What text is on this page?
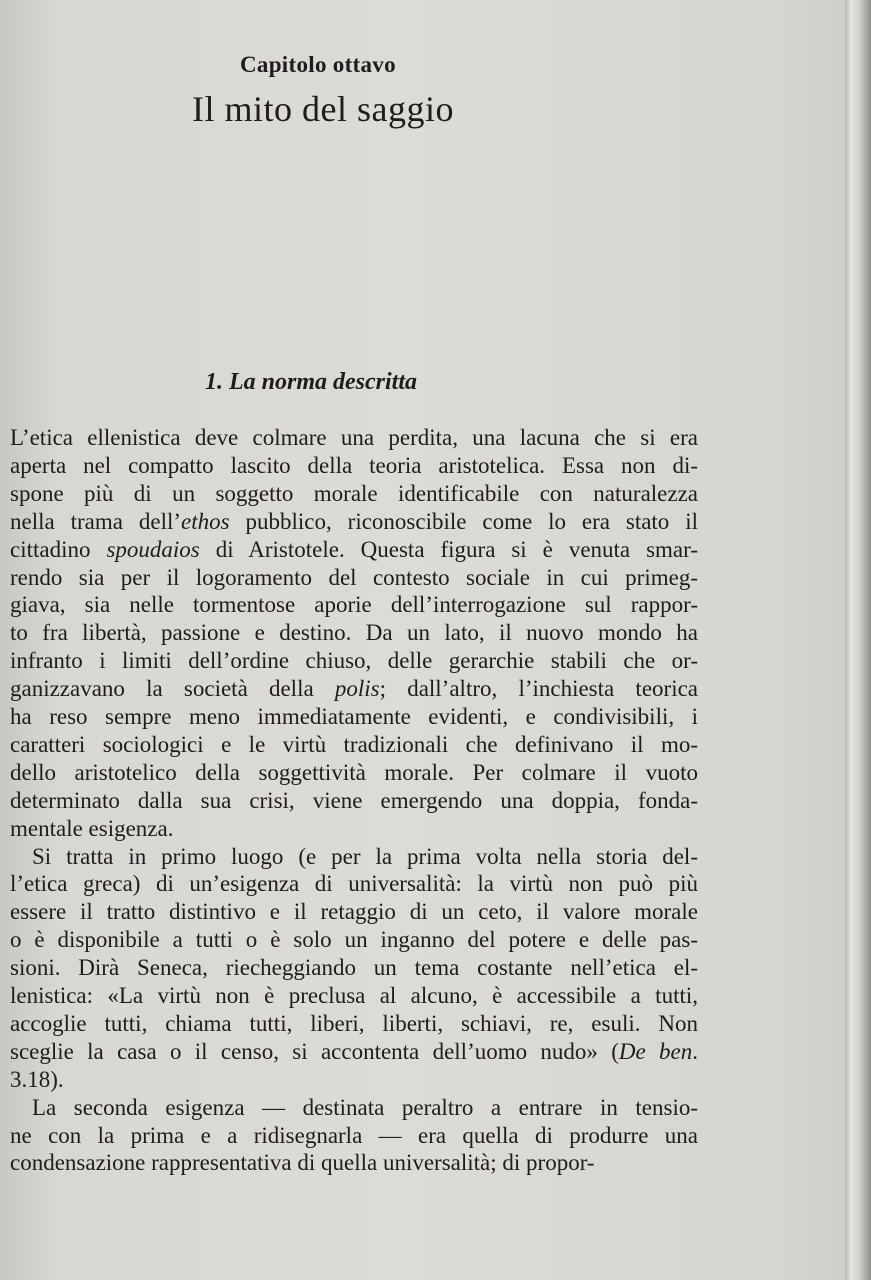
Capitolo ottavo
Il mito del saggio
1. La norma descritta
L’etica ellenistica deve colmare una perdita, una lacuna che si era
aperta nel compatto lascito della teoria aristotelica. Essa non di-
spone più di un soggetto morale identificabile con naturalezza
nella trama dell’ethos pubblico, riconoscibile come lo era stato il
cittadino spoudaios di Aristotele. Questa figura si è venuta smar-
rendo sia per il logoramento del contesto sociale in cui primeg-
giava, sia nelle tormentose aporie dell’interrogazione sul rappor-
to fra libertà, passione e destino. Da un lato, il nuovo mondo ha
infranto i limiti dell’ordine chiuso, delle gerarchie stabili che or-
ganizzavano la società della polis; dall’altro, l’inchiesta teorica
ha reso sempre meno immediatamente evidenti, e condivisibili, i
caratteri sociologici e le virtù tradizionali che definivano il mo-
dello aristotelico della soggettività morale. Per colmare il vuoto
determinato dalla sua crisi, viene emergendo una doppia, fonda-
mentale esigenza.
Si tratta in primo luogo (e per la prima volta nella storia del-
l’etica greca) di un’esigenza di universalità: la virtù non può più
essere il tratto distintivo e il retaggio di un ceto, il valore morale
o è disponibile a tutti o è solo un inganno del potere e delle pas-
sioni. Dirà Seneca, riecheggiando un tema costante nell’etica el-
lenistica: «La virtù non è preclusa al alcuno, è accessibile a tutti,
accoglie tutti, chiama tutti, liberi, liberti, schiavi, re, esuli. Non
sceglie la casa o il censo, si accontenta dell’uomo nudo» (De ben.
3.18).
La seconda esigenza — destinata peraltro a entrare in tensio-
ne con la prima e a ridisegnarla — era quella di produrre una
condensazione rappresentativa di quella universalità; di propor-
